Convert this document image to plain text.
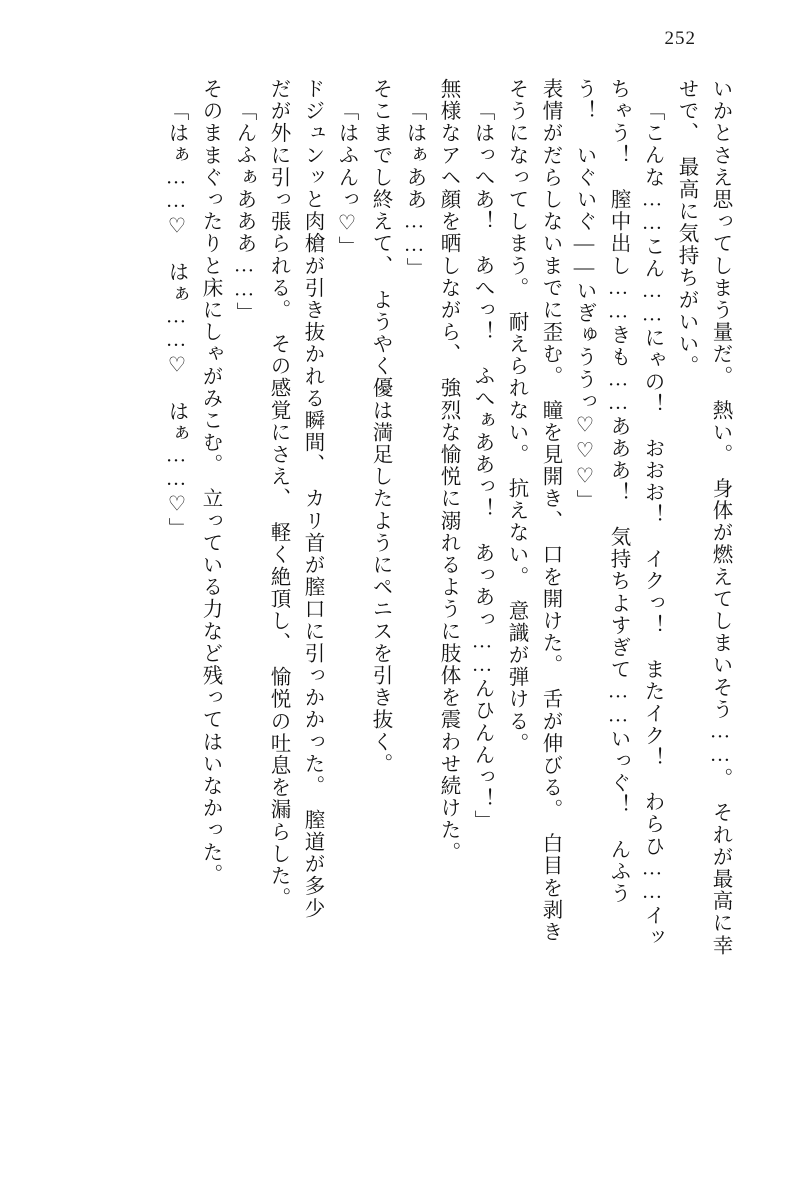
252
いかとさえ思ってしまう量だ。　熱い。　身体が燃えてしまいそう……。　それが最高に幸
せで、　最高に気持ちがいい。
「こんな……こん……にゃの！　おおお！　イクっ！　またイク！　わらひ……イッ
ちゃう！　膣中出し……きも……あああ！　気持ちよすぎて……いっぐ！　んふう
う！　いぐいぐ——いぎゅううっ♡♡♡」
表情がだらしないまでに歪む。　瞳を見開き、　口を開けた。　舌が伸びる。　白目を剥き
そうになってしまう。　耐えられない。　抗えない。　意識が弾ける。
「はっへあ！　あへっ！　ふへぁああっ！　あっあっ……んひんんっ！」
無様なアヘ顔を晒しながら、　強烈な愉悦に溺れるように肢体を震わせ続けた。
「はぁああ……」
そこまでし終えて、　ようやく優は満足したようにペニスを引き抜く。
「はふんっ♡」
ドジュンッと肉槍が引き抜かれる瞬間、　カリ首が膣口に引っかかった。　膣道が多少
だが外に引っ張られる。　その感覚にさえ、　軽く絶頂し、　愉悦の吐息を漏らした。
「んふぁあああ……」
そのままぐったりと床にしゃがみこむ。　立っている力など残ってはいなかった。
「はぁ……♡　はぁ……♡　はぁ……♡」
